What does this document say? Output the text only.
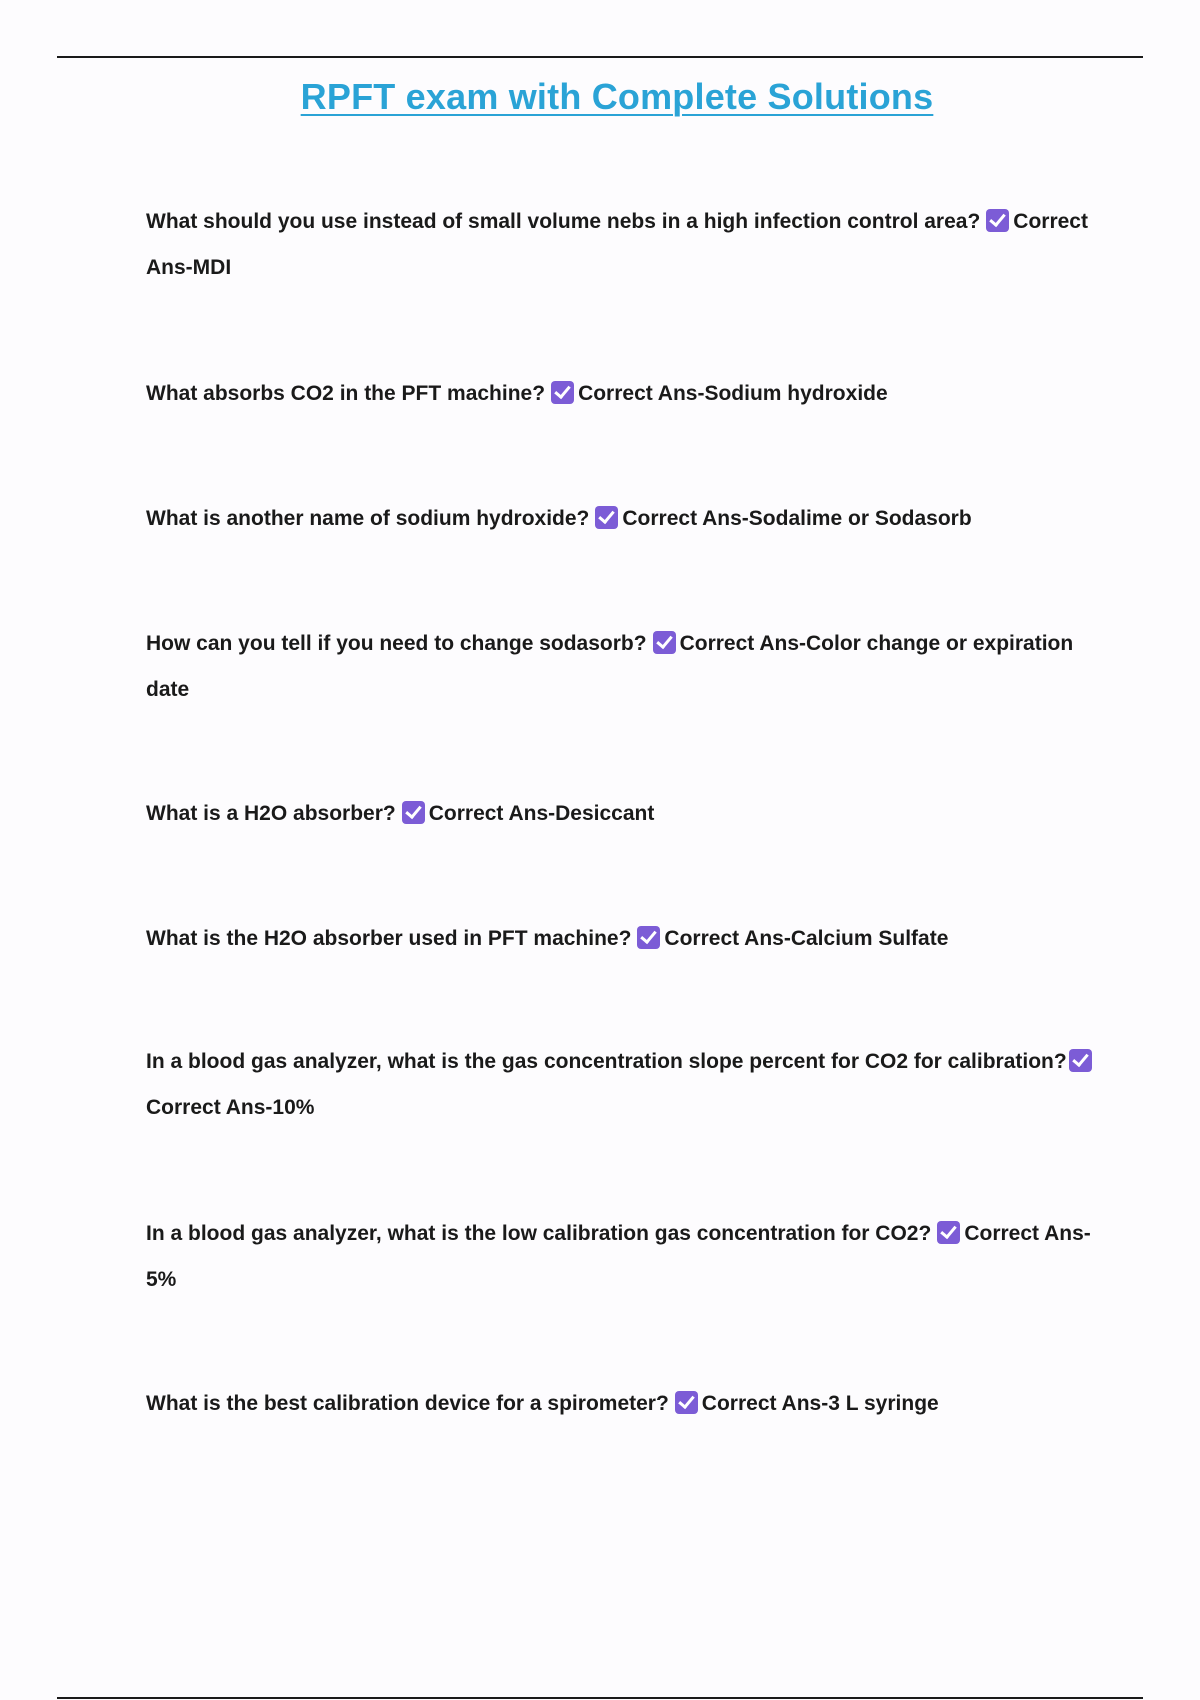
RPFT exam with Complete Solutions

What should you use instead of small volume nebs in a high infection control area? Correct Ans-MDI

What absorbs CO2 in the PFT machine? Correct Ans-Sodium hydroxide

What is another name of sodium hydroxide? Correct Ans-Sodalime or Sodasorb

How can you tell if you need to change sodasorb? Correct Ans-Color change or expiration date

What is a H2O absorber? Correct Ans-Desiccant

What is the H2O absorber used in PFT machine? Correct Ans-Calcium Sulfate

In a blood gas analyzer, what is the gas concentration slope percent for CO2 for calibration?Correct Ans-10%

In a blood gas analyzer, what is the low calibration gas concentration for CO2? Correct Ans-5%

What is the best calibration device for a spirometer? Correct Ans-3 L syringe
